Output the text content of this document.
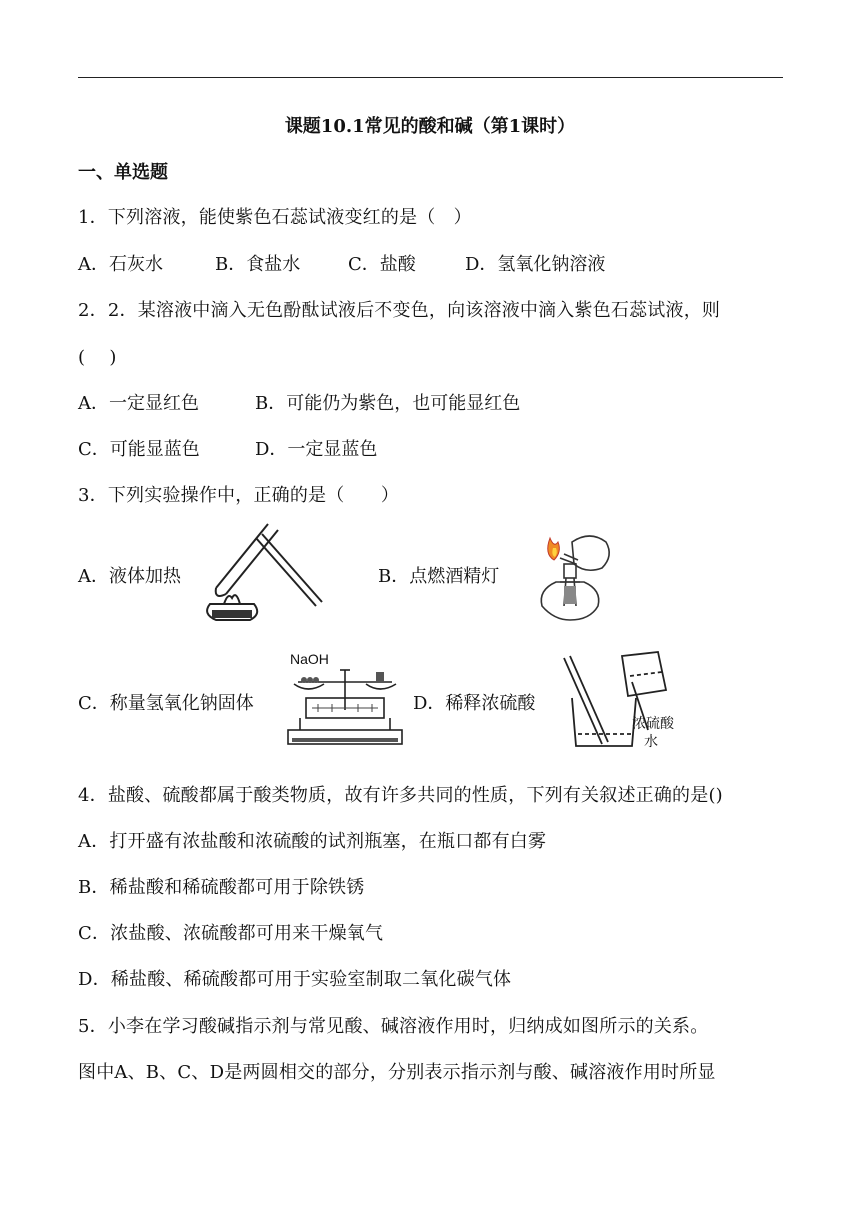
课题10.1常见的酸和碱（第1课时）
一、单选题
1．下列溶液，能使紫色石蕊试液变红的是（　）
A．石灰水	B．食盐水	C．盐酸	D．氢氧化钠溶液
2．2．某溶液中滴入无色酚酞试液后不变色，向该溶液中滴入紫色石蕊试液，则
(　 )
A．一定显红色	B．可能仍为紫色，也可能显红色
C．可能显蓝色	D．一定显蓝色
3．下列实验操作中，正确的是（　　）
A．液体加热	B．点燃酒精灯
C．称量氢氧化钠固体	D．稀释浓硫酸
NaOH
浓硫酸
水
4．盐酸、硫酸都属于酸类物质，故有许多共同的性质，下列有关叙述正确的是()
A．打开盛有浓盐酸和浓硫酸的试剂瓶塞，在瓶口都有白雾
B．稀盐酸和稀硫酸都可用于除铁锈
C．浓盐酸、浓硫酸都可用来干燥氧气
D．稀盐酸、稀硫酸都可用于实验室制取二氧化碳气体
5．小李在学习酸碱指示剂与常见酸、碱溶液作用时，归纳成如图所示的关系。
图中A、B、C、D是两圆相交的部分，分别表示指示剂与酸、碱溶液作用时所显
